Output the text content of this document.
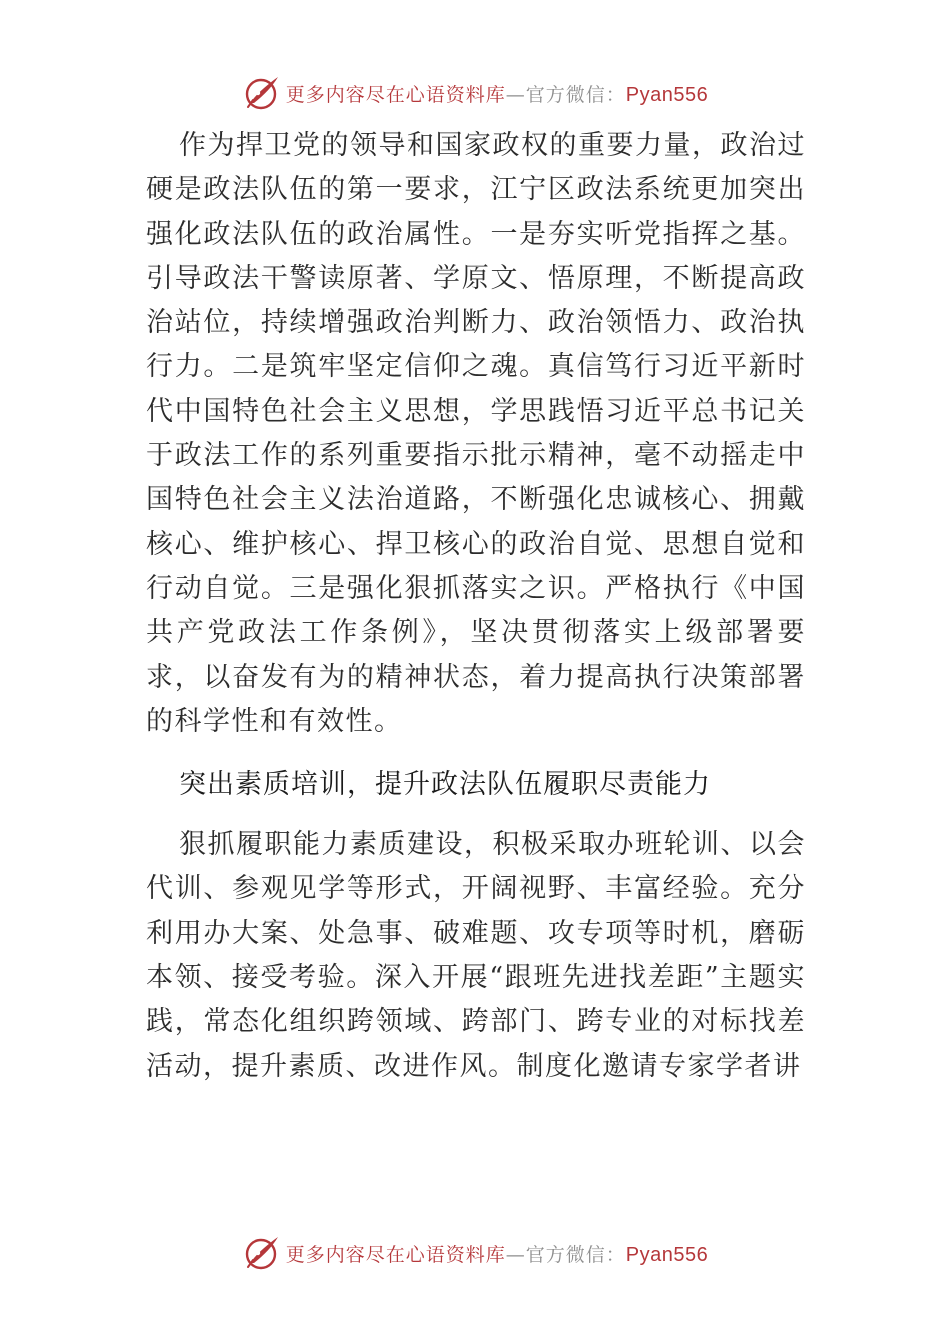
更多内容尽在心语资料库—官方微信：Pyan556

作为捍卫党的领导和国家政权的重要力量，政治过硬是政法队伍的第一要求，江宁区政法系统更加突出强化政法队伍的政治属性。一是夯实听党指挥之基。引导政法干警读原著、学原文、悟原理，不断提高政治站位，持续增强政治判断力、政治领悟力、政治执行力。二是筑牢坚定信仰之魂。真信笃行习近平新时代中国特色社会主义思想，学思践悟习近平总书记关于政法工作的系列重要指示批示精神，毫不动摇走中国特色社会主义法治道路，不断强化忠诚核心、拥戴核心、维护核心、捍卫核心的政治自觉、思想自觉和行动自觉。三是强化狠抓落实之识。严格执行《中国共产党政法工作条例》，坚决贯彻落实上级部署要求，以奋发有为的精神状态，着力提高执行决策部署的科学性和有效性。

突出素质培训，提升政法队伍履职尽责能力

狠抓履职能力素质建设，积极采取办班轮训、以会代训、参观见学等形式，开阔视野、丰富经验。充分利用办大案、处急事、破难题、攻专项等时机，磨砺本领、接受考验。深入开展“跟班先进找差距”主题实践，常态化组织跨领域、跨部门、跨专业的对标找差活动，提升素质、改进作风。制度化邀请专家学者讲

更多内容尽在心语资料库—官方微信：Pyan556
